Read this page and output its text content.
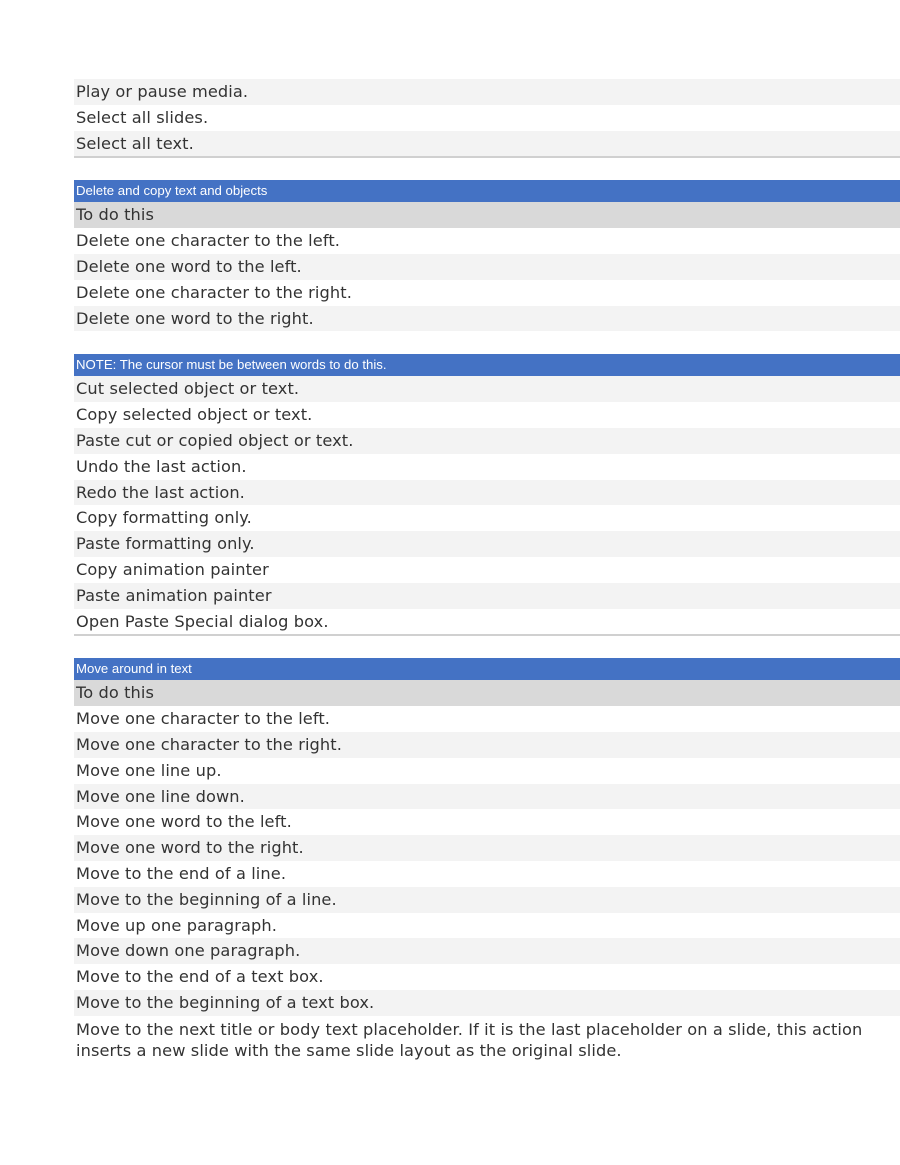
Play or pause media.
Select all slides.
Select all text.
Delete and copy text and objects
To do this
Delete one character to the left.
Delete one word to the left.
Delete one character to the right.
Delete one word to the right.
NOTE: The cursor must be between words to do this.
Cut selected object or text.
Copy selected object or text.
Paste cut or copied object or text.
Undo the last action.
Redo the last action.
Copy formatting only.
Paste formatting only.
Copy animation painter
Paste animation painter
Open Paste Special dialog box.
Move around in text
To do this
Move one character to the left.
Move one character to the right.
Move one line up.
Move one line down.
Move one word to the left.
Move one word to the right.
Move to the end of a line.
Move to the beginning of a line.
Move up one paragraph.
Move down one paragraph.
Move to the end of a text box.
Move to the beginning of a text box.
Move to the next title or body text placeholder. If it is the last placeholder on a slide, this action inserts a new slide with the same slide layout as the original slide.
